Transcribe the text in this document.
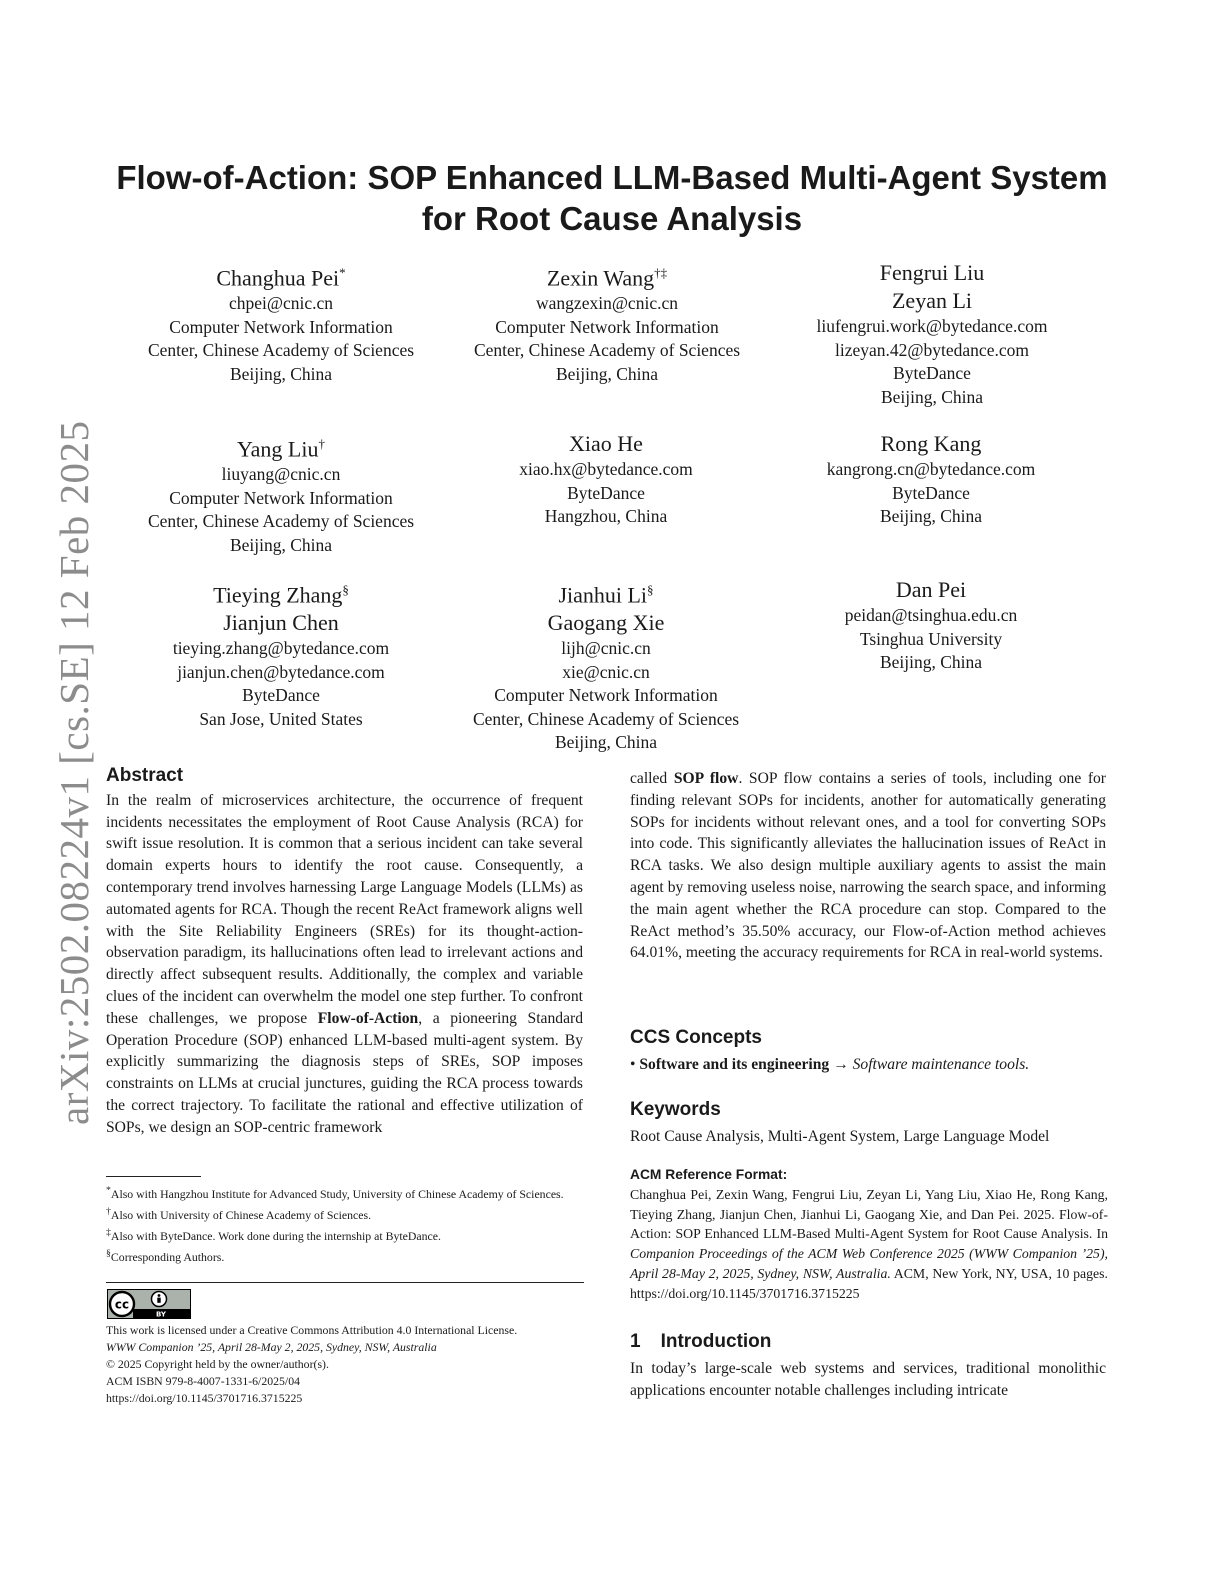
arXiv:2502.08224v1 [cs.SE] 12 Feb 2025
Flow-of-Action: SOP Enhanced LLM-Based Multi-Agent System
for Root Cause Analysis
Changhua Pei*
chpei@cnic.cn
Computer Network Information
Center, Chinese Academy of Sciences
Beijing, China
Zexin Wang†‡
wangzexin@cnic.cn
Computer Network Information
Center, Chinese Academy of Sciences
Beijing, China
Fengrui Liu
Zeyan Li
liufengrui.work@bytedance.com
lizeyan.42@bytedance.com
ByteDance
Beijing, China
Yang Liu†
liuyang@cnic.cn
Computer Network Information
Center, Chinese Academy of Sciences
Beijing, China
Xiao He
xiao.hx@bytedance.com
ByteDance
Hangzhou, China
Rong Kang
kangrong.cn@bytedance.com
ByteDance
Beijing, China
Tieying Zhang§
Jianjun Chen
tieying.zhang@bytedance.com
jianjun.chen@bytedance.com
ByteDance
San Jose, United States
Jianhui Li§
Gaogang Xie
lijh@cnic.cn
xie@cnic.cn
Computer Network Information
Center, Chinese Academy of Sciences
Beijing, China
Dan Pei
peidan@tsinghua.edu.cn
Tsinghua University
Beijing, China
Abstract
In the realm of microservices architecture, the occurrence of frequent incidents necessitates the employment of Root Cause Analysis (RCA) for swift issue resolution. It is common that a serious incident can take several domain experts hours to identify the root cause. Consequently, a contemporary trend involves harnessing Large Language Models (LLMs) as automated agents for RCA. Though the recent ReAct framework aligns well with the Site Reliability Engineers (SREs) for its thought-action-observation paradigm, its hallucinations often lead to irrelevant actions and directly affect subsequent results. Additionally, the complex and variable clues of the incident can overwhelm the model one step further. To confront these challenges, we propose Flow-of-Action, a pioneering Standard Operation Procedure (SOP) enhanced LLM-based multi-agent system. By explicitly summarizing the diagnosis steps of SREs, SOP imposes constraints on LLMs at crucial junctures, guiding the RCA process towards the correct trajectory. To facilitate the rational and effective utilization of SOPs, we design an SOP-centric framework

*Also with Hangzhou Institute for Advanced Study, University of Chinese Academy of Sciences.

†Also with University of Chinese Academy of Sciences.

‡Also with ByteDance. Work done during the internship at ByteDance.

§Corresponding Authors.

cc
BY

This work is licensed under a Creative Commons Attribution 4.0 International License.

WWW Companion ’25, April 28-May 2, 2025, Sydney, NSW, Australia

© 2025 Copyright held by the owner/author(s).

ACM ISBN 979-8-4007-1331-6/2025/04

https://doi.org/10.1145/3701716.3715225

called SOP flow. SOP flow contains a series of tools, including one for finding relevant SOPs for incidents, another for automatically generating SOPs for incidents without relevant ones, and a tool for converting SOPs into code. This significantly alleviates the hallucination issues of ReAct in RCA tasks. We also design multiple auxiliary agents to assist the main agent by removing useless noise, narrowing the search space, and informing the main agent whether the RCA procedure can stop. Compared to the ReAct method’s 35.50% accuracy, our Flow-of-Action method achieves 64.01%, meeting the accuracy requirements for RCA in real-world systems.
CCS Concepts
• Software and its engineering → Software maintenance tools.
Keywords
Root Cause Analysis, Multi-Agent System, Large Language Model
ACM Reference Format:

Changhua Pei, Zexin Wang, Fengrui Liu, Zeyan Li, Yang Liu, Xiao He, Rong Kang, Tieying Zhang, Jianjun Chen, Jianhui Li, Gaogang Xie, and Dan Pei. 2025. Flow-of-Action: SOP Enhanced LLM-Based Multi-Agent System for Root Cause Analysis. In Companion Proceedings of the ACM Web Conference 2025 (WWW Companion ’25), April 28-May 2, 2025, Sydney, NSW, Australia. ACM, New York, NY, USA, 10 pages. https://doi.org/10.1145/3701716.3715225

1 Introduction
In today’s large-scale web systems and services, traditional monolithic applications encounter notable challenges including intricate
